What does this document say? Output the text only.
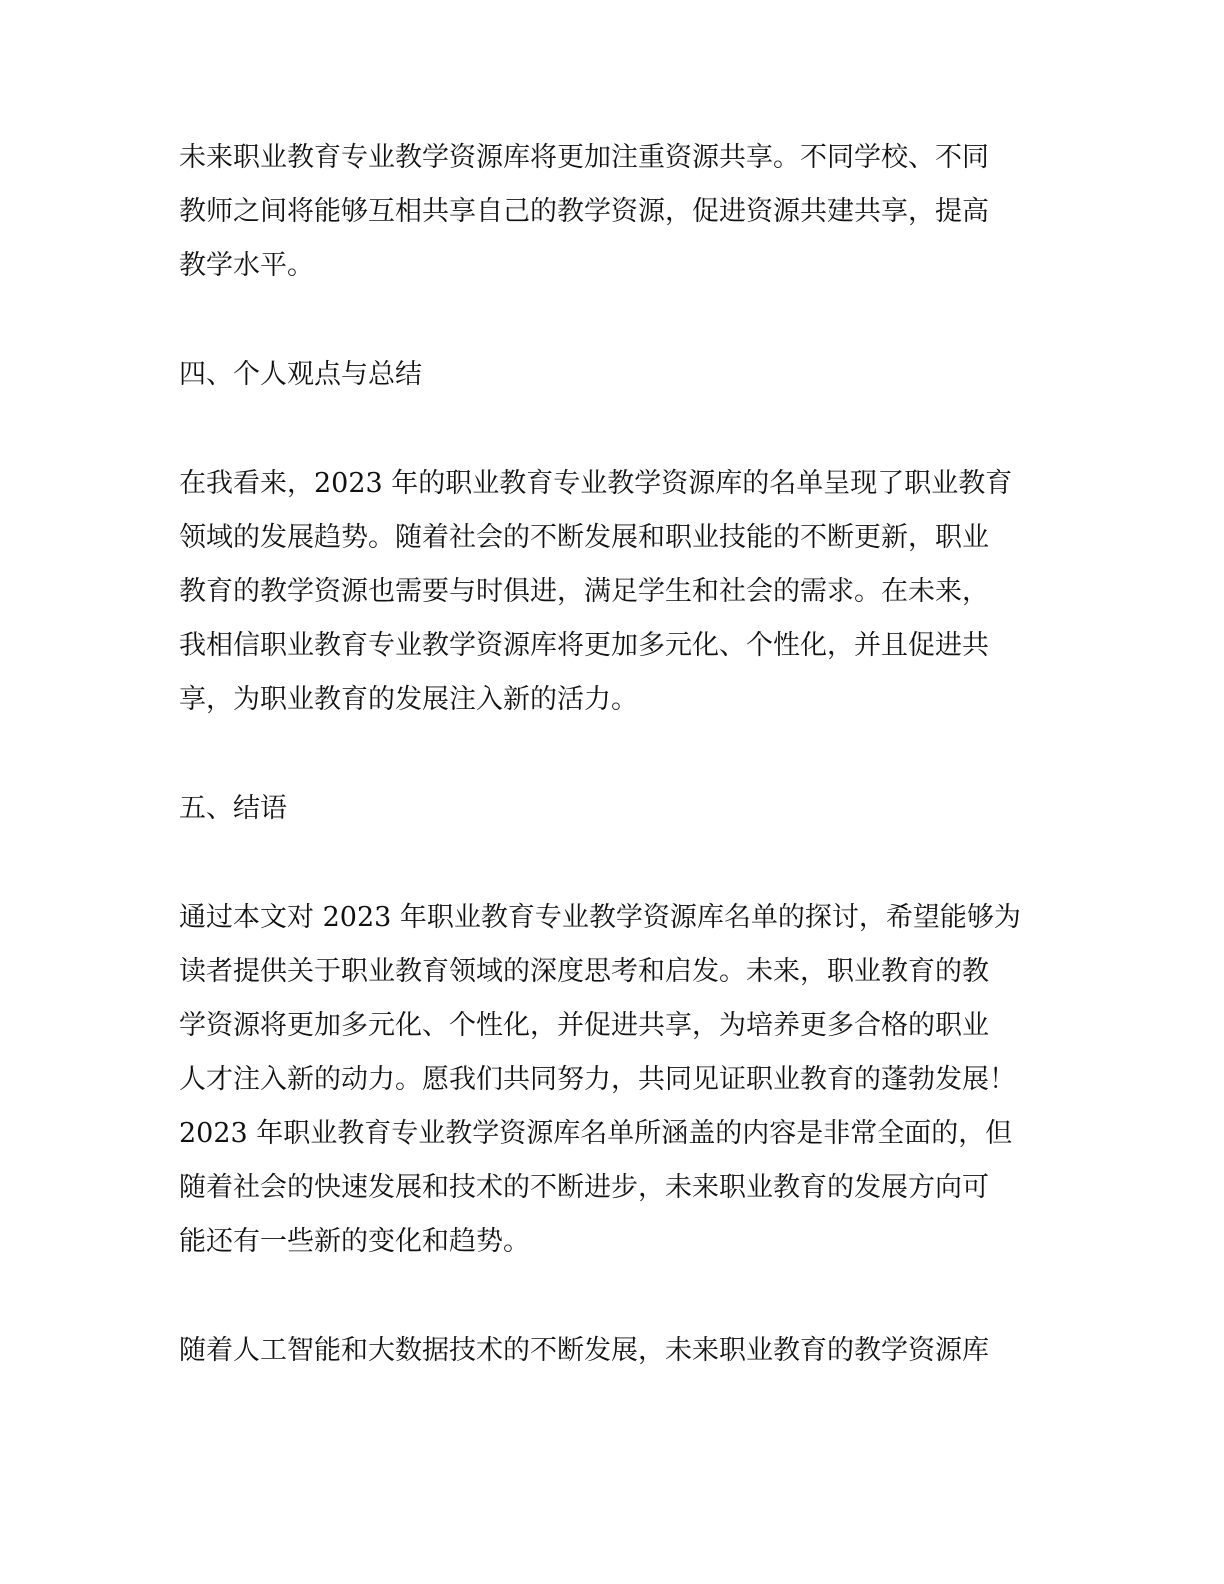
未来职业教育专业教学资源库将更加注重资源共享。不同学校、不同
教师之间将能够互相共享自己的教学资源，促进资源共建共享，提高
教学水平。
四、个人观点与总结
在我看来，2023 年的职业教育专业教学资源库的名单呈现了职业教育
领域的发展趋势。随着社会的不断发展和职业技能的不断更新，职业
教育的教学资源也需要与时俱进，满足学生和社会的需求。在未来，
我相信职业教育专业教学资源库将更加多元化、个性化，并且促进共
享，为职业教育的发展注入新的活力。
五、结语
通过本文对 2023 年职业教育专业教学资源库名单的探讨，希望能够为
读者提供关于职业教育领域的深度思考和启发。未来，职业教育的教
学资源将更加多元化、个性化，并促进共享，为培养更多合格的职业
人才注入新的动力。愿我们共同努力，共同见证职业教育的蓬勃发展！
2023 年职业教育专业教学资源库名单所涵盖的内容是非常全面的，但
随着社会的快速发展和技术的不断进步，未来职业教育的发展方向可
能还有一些新的变化和趋势。
随着人工智能和大数据技术的不断发展，未来职业教育的教学资源库
